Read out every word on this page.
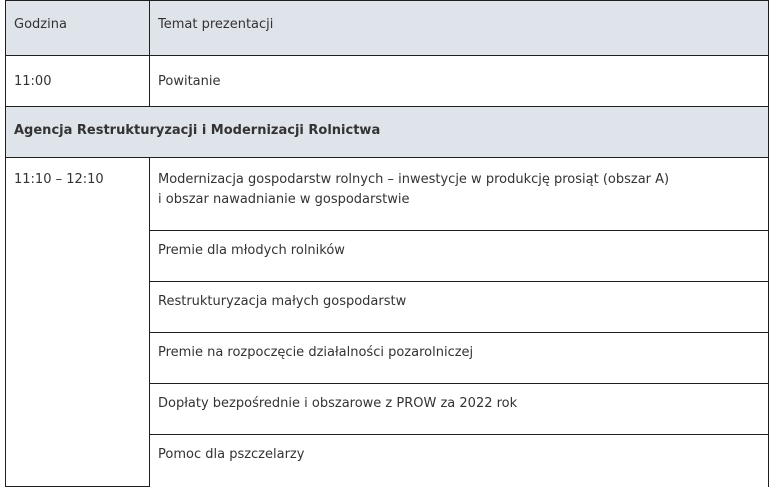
Godzina	Temat prezentacji
11:00	Powitanie
Agencja Restrukturyzacji i Modernizacji Rolnictwa	
11:10 – 12:10	Modernizacja gospodarstw rolnych – inwestycje w produkcję prosiąt (obszar A)
i obszar nawadnianie w gospodarstwie

	Premie dla młodych rolników
	Restrukturyzacja małych gospodarstw
	Premie na rozpoczęcie działalności pozarolniczej
	Dopłaty bezpośrednie i obszarowe z PROW za 2022 rok
	Pomoc dla pszczelarzy
